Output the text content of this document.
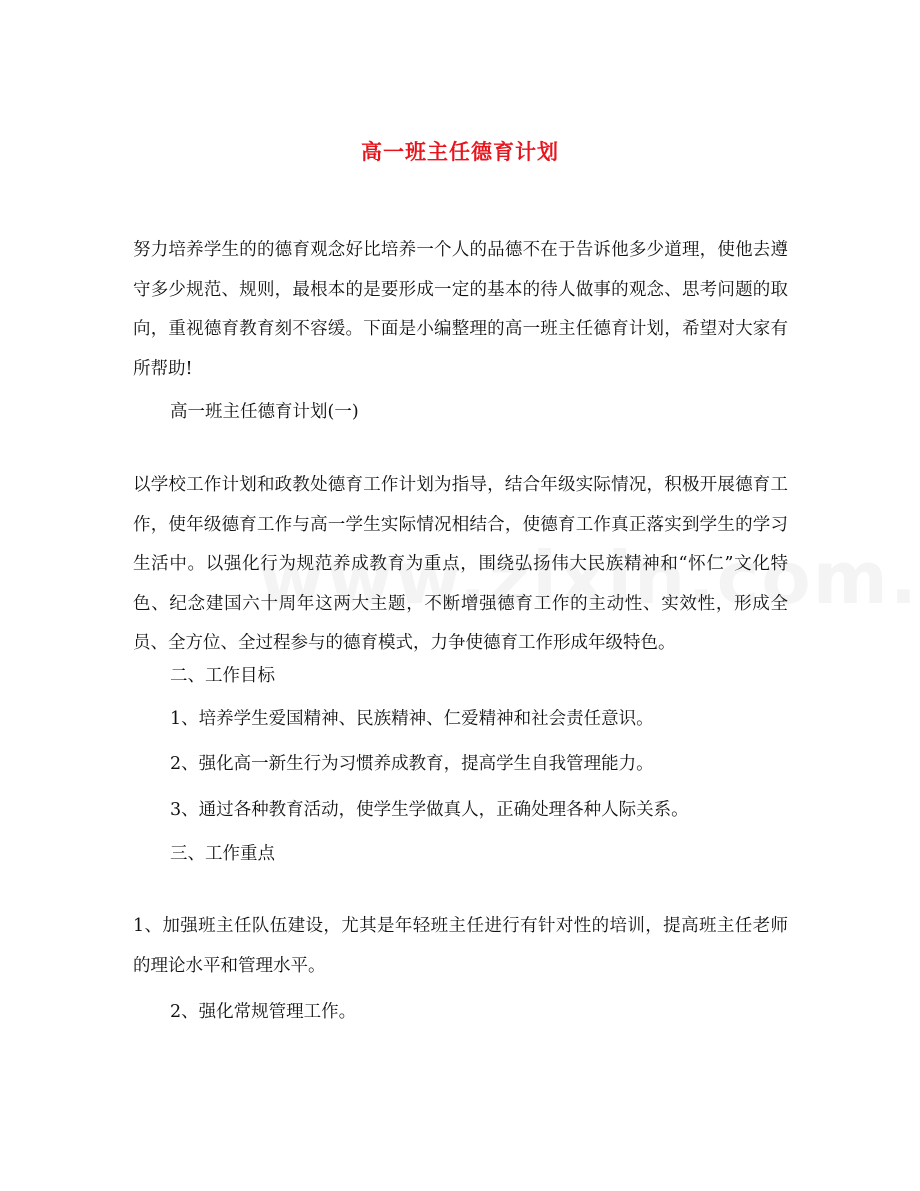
高一班主任德育计划

努力培养学生的的德育观念好比培养一个人的品德不在于告诉他多少道理，使他去遵守多少规范、规则，最根本的是要形成一定的基本的待人做事的观念、思考问题的取向，重视德育教育刻不容缓。下面是小编整理的高一班主任德育计划，希望对大家有所帮助!

高一班主任德育计划(一)

以学校工作计划和政教处德育工作计划为指导，结合年级实际情况，积极开展德育工作，使年级德育工作与高一学生实际情况相结合，使德育工作真正落实到学生的学习生活中。以强化行为规范养成教育为重点，围绕弘扬伟大民族精神和“怀仁”文化特色、纪念建国六十周年这两大主题，不断增强德育工作的主动性、实效性，形成全员、全方位、全过程参与的德育模式，力争使德育工作形成年级特色。

二、工作目标

1、培养学生爱国精神、民族精神、仁爱精神和社会责任意识。

2、强化高一新生行为习惯养成教育，提高学生自我管理能力。

3、通过各种教育活动，使学生学做真人，正确处理各种人际关系。

三、工作重点

1、加强班主任队伍建设，尤其是年轻班主任进行有针对性的培训，提高班主任老师的理论水平和管理水平。

2、强化常规管理工作。
